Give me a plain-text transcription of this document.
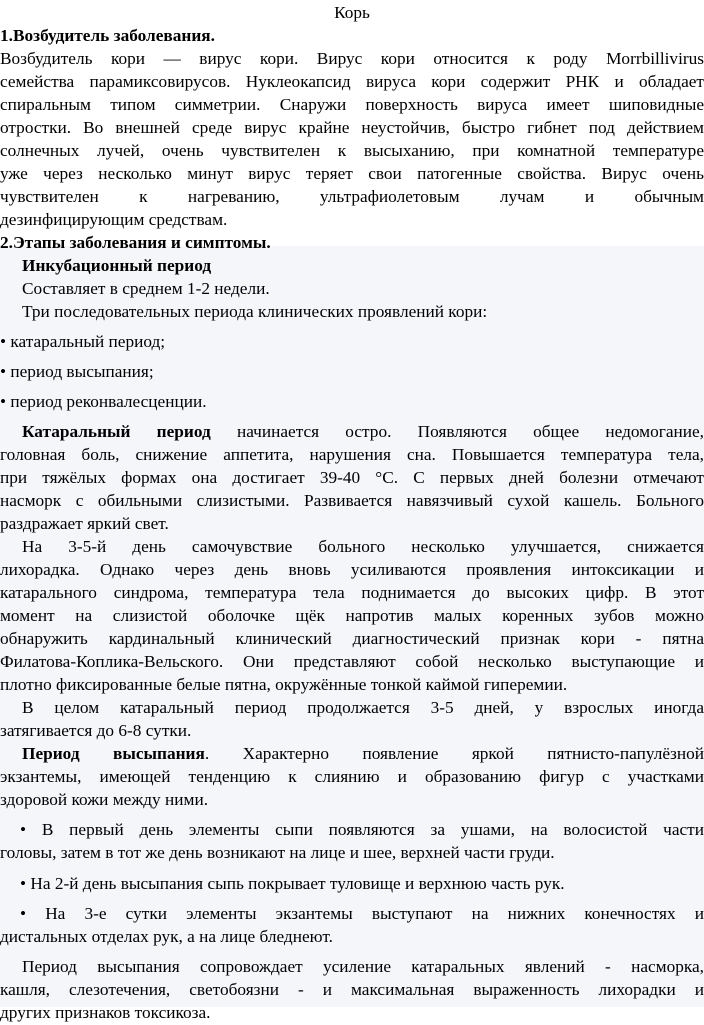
Корь
1.Возбудитель заболевания.
Возбудитель кори — вирус кори. Вирус кори относится к роду Morrbillivirus
семейства парамиксовирусов. Нуклеокапсид вируса кори содержит РНК и обладает
спиральным типом симметрии. Снаружи поверхность вируса имеет шиповидные
отростки. Во внешней среде вирус крайне неустойчив, быстро гибнет под действием
солнечных лучей, очень чувствителен к высыханию, при комнатной температуре
уже через несколько минут вирус теряет свои патогенные свойства. Вирус очень
чувствителен к нагреванию, ультрафиолетовым лучам и обычным
дезинфицирующим средствам.
2.Этапы заболевания и симптомы.
Инкубационный период
Составляет в среднем 1-2 недели.
Три последовательных периода клинических проявлений кори:
• катаральный период;
• период высыпания;
• период реконвалесценции.
Катаральный период начинается остро. Появляются общее недомогание,
головная боль, снижение аппетита, нарушения сна. Повышается температура тела,
при тяжёлых формах она достигает 39-40 °С. С первых дней болезни отмечают
насморк с обильными слизистыми. Развивается навязчивый сухой кашель. Больного
раздражает яркий свет.
На 3-5-й день самочувствие больного несколько улучшается, снижается
лихорадка. Однако через день вновь усиливаются проявления интоксикации и
катарального синдрома, температура тела поднимается до высоких цифр. В этот
момент на слизистой оболочке щёк напротив малых коренных зубов можно
обнаружить кардинальный клинический диагностический признак кори - пятна
Филатова-Коплика-Вельского. Они представляют собой несколько выступающие и
плотно фиксированные белые пятна, окружённые тонкой каймой гиперемии.
В целом катаральный период продолжается 3-5 дней, у взрослых иногда
затягивается до 6-8 сутки.
Период высыпания. Характерно появление яркой пятнисто-папулёзной
экзантемы, имеющей тенденцию к слиянию и образованию фигур с участками
здоровой кожи между ними.
• В первый день элементы сыпи появляются за ушами, на волосистой части
головы, затем в тот же день возникают на лице и шее, верхней части груди.
• На 2-й день высыпания сыпь покрывает туловище и верхнюю часть рук.
• На 3-е сутки элементы экзантемы выступают на нижних конечностях и
дистальных отделах рук, а на лице бледнеют.
Период высыпания сопровождает усиление катаральных явлений - насморка,
кашля, слезотечения, светобоязни - и максимальная выраженность лихорадки и
других признаков токсикоза.
